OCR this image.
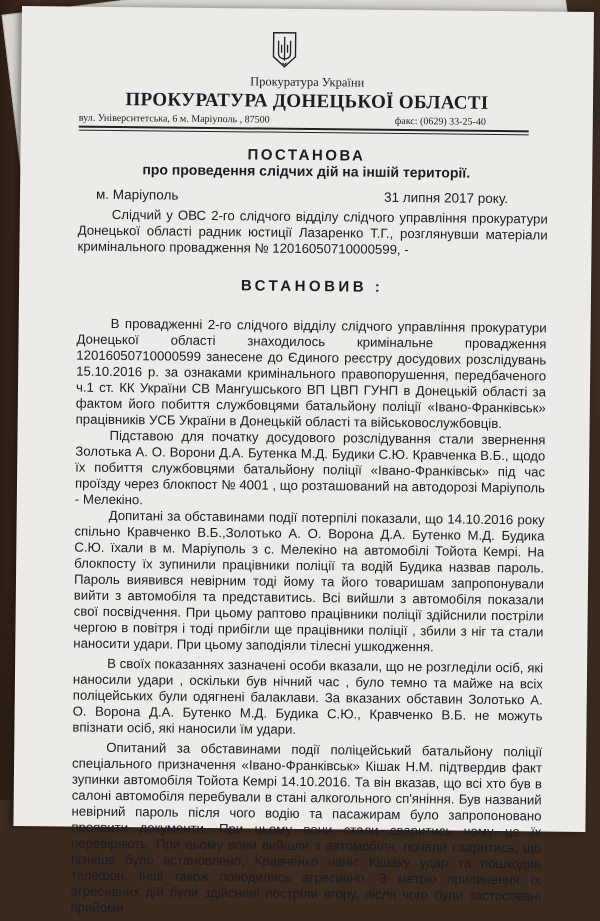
Прокуратура України
ПРОКУРАТУРА ДОНЕЦЬКОЇ ОБЛАСТІ
вул. Університетська, 6 м. Маріуполь , 87500	факс: (0629) 33-25-40
ПОСТАНОВА
про проведення слідчих дій на іншій території.
м. Маріуполь	31 липня 2017 року.

Слідчий у ОВС 2-го слідчого відділу слідчого управління прокуратури Донецької області радник юстиції Лазаренко Т.Г., розглянувши матеріали кримінального провадження № 12016050710000599, -

ВСТАНОВИВ :

В провадженні 2-го слідчого відділу слідчого управління прокуратури Донецької області знаходилось кримінальне провадження 12016050710000599 занесене до Єдиного реєстру досудових розслідувань 15.10.2016 р. за ознаками кримінального правопорушення, передбаченого ч.1 ст. КК України СВ Мангушського ВП ЦВП ГУНП в Донецькій області за фактом його побиття службовцями батальйону поліції «Івано-Франківськ» працівників УСБ України в Донецькій області та військовослужбовців.

Підставою для початку досудового розслідування стали звернення Золотька А. О. Ворони Д.А. Бутенка М.Д. Будики С.Ю. Кравченка В.Б., щодо їх побиття службовцями батальйону поліції «Івано-Франківськ» під час проїзду через блокпост № 4001 , що розташований на автодорозі Маріуполь - Мелекіно.

Допитані за обставинами події потерпілі показали, що 14.10.2016 року спільно Кравченко В.Б.,Золотько А. О. Ворона Д.А. Бутенко М.Д. Будика С.Ю. їхали в м. Маріуполь з с. Мелекіно на автомобілі Тойота Кемрі. На блокпосту їх зупинили працівники поліції та водій Будика назвав пароль. Пароль виявився невірним тоді йому та його товаришам запропонували вийти з автомобіля та представитись. Всі вийшли з автомобіля показали свої посвідчення. При цьому раптово працівники поліції здійснили постріли чергою в повітря і тоді прибігли ще працівники поліції , збили з ніг та стали наносити удари. При цьому заподіяли тілесні ушкодження.

В своїх показаннях зазначені особи вказали, що не розгледіли осіб, які наносили удари , оскільки був нічний час , було темно та майже на всіх поліцейських були одягнені балаклави. За вказаних обставин Золотько А. О. Ворона Д.А. Бутенко М.Д. Будика С.Ю., Кравченко В.Б. не можуть впізнати осіб, які наносили їм удари.

Опитаний за обставинами події поліцейський батальйону поліції спеціального призначення «Івано-Франківськ» Кішак Н.М. підтвердив факт зупинки автомобіля Тойота Кемрі 14.10.2016. Та він вказав, що всі хто був в салоні автомобіля перебували в стані алкогольного сп'яніння. Був названий невірний пароль після чого водію та пасажирам було запропоновано проявити документи. При цьому вони стали сваритись чому це їх перевіряють. При цьому вони вийшли з автомобіля, почали сваритись, що пізніше було встановлено, Кравченко наніс Кішаку удар та пошкодив телефон. Інші також поводились агресивно. З метою припинення їх агресивних дій були здійснені постріли вгору, після чого були застосовані прийоми
